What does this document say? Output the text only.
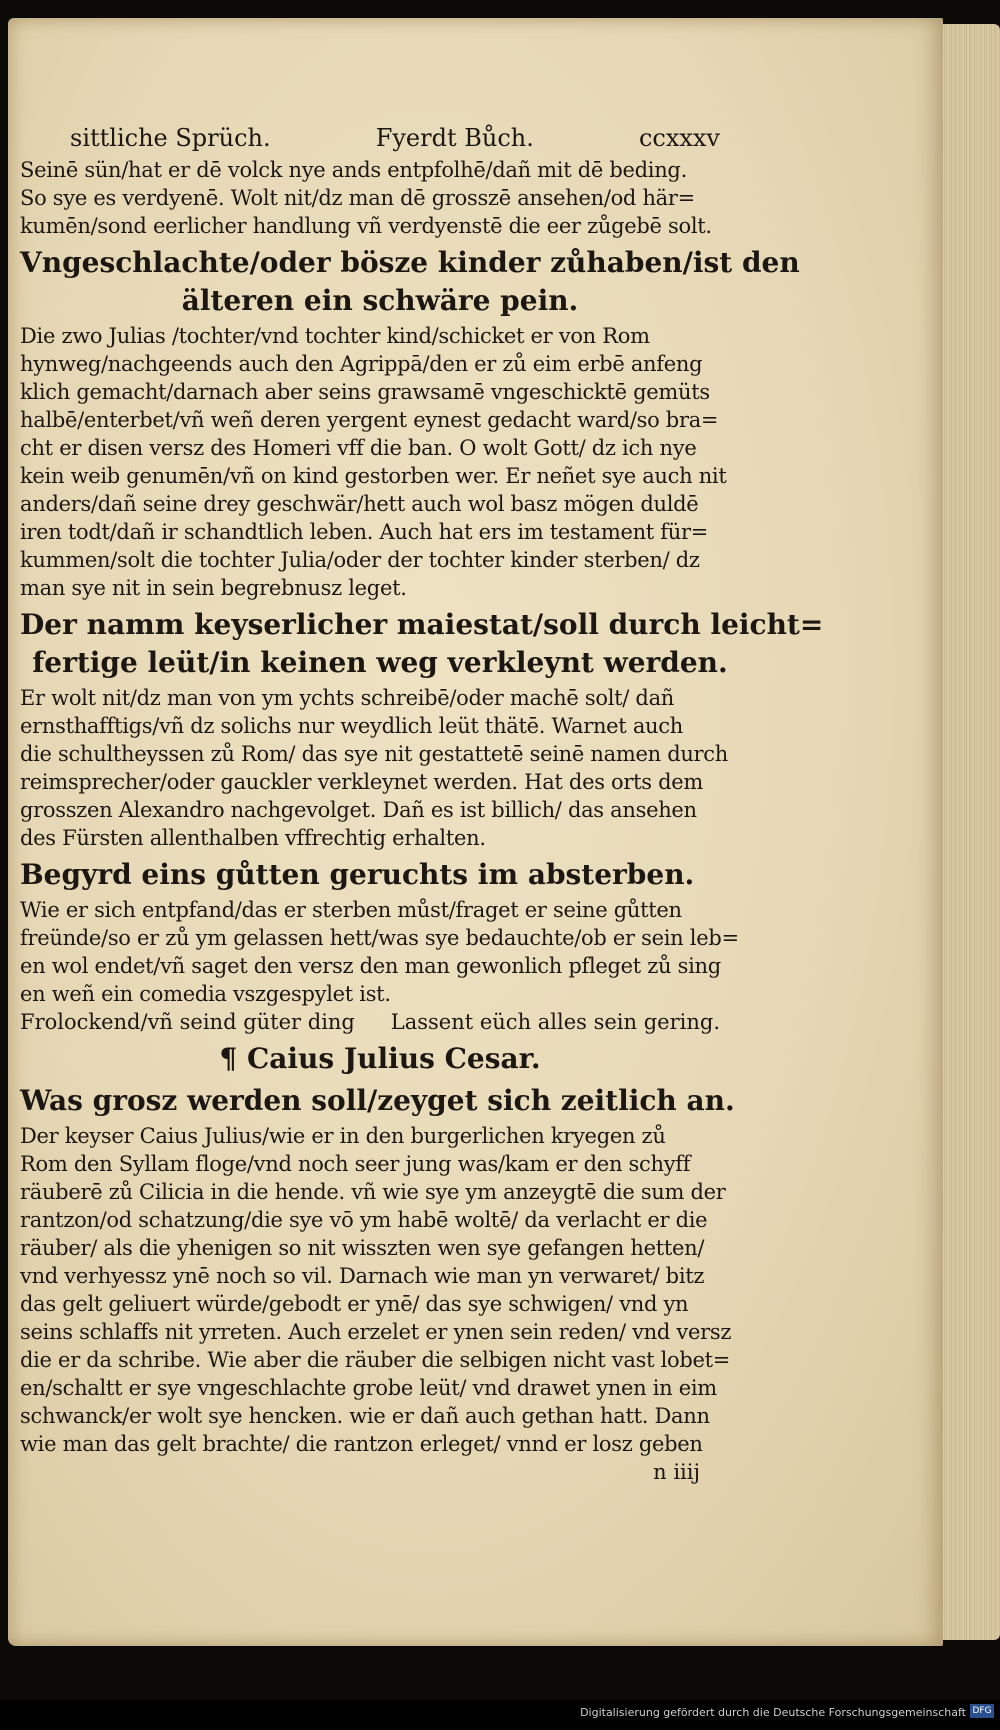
sittliche Sprüch.	Fyerdt Bůch.	ccxxxv
Seinē sün/hat er dē volck nye ands entpfolhē/dañ mit dē beding.
So sye es verdyenē. Wolt nit/dz man dē grosszē ansehen/od här=
kumēn/sond eerlicher handlung vñ verdyenstē die eer zůgebē solt.
Vngeschlachte/oder bösze kinder zůhaben/ist den
älteren ein schwäre pein.
Die zwo Julias /tochter/vnd tochter kind/schicket er von Rom
hynweg/nachgeends auch den Agrippā/den er zů eim erbē anfeng
klich gemacht/darnach aber seins grawsamē vngeschicktē gemüts
halbē/enterbet/vñ weñ deren yergent eynest gedacht ward/so bra=
cht er disen versz des Homeri vff die ban. O wolt Gott/ dz ich nye
kein weib genumēn/vñ on kind gestorben wer. Er neñet sye auch nit
anders/dañ seine drey geschwär/hett auch wol basz mögen duldē
iren todt/dañ ir schandtlich leben. Auch hat ers im testament für=
kummen/solt die tochter Julia/oder der tochter kinder sterben/ dz
man sye nit in sein begrebnusz leget.
Der namm keyserlicher maiestat/soll durch leicht=
fertige leüt/in keinen weg verkleynt werden.
Er wolt nit/dz man von ym ychts schreibē/oder machē solt/ dañ
ernsthafftigs/vñ dz solichs nur weydlich leüt thätē. Warnet auch
die schultheyssen zů Rom/ das sye nit gestattetē seinē namen durch
reimsprecher/oder gauckler verkleynet werden. Hat des orts dem
grosszen Alexandro nachgevolget. Dañ es ist billich/ das ansehen
des Fürsten allenthalben vffrechtig erhalten.
Begyrd eins gůtten geruchts im absterben.
Wie er sich entpfand/das er sterben můst/fraget er seine gůtten
freünde/so er zů ym gelassen hett/was sye bedauchte/ob er sein leb=
en wol endet/vñ saget den versz den man gewonlich pfleget zů sing
en weñ ein comedia vszgespylet ist.
Frolockend/vñ seind güter ding Lassent eüch alles sein gering.
¶ Caius Julius Cesar.
Was grosz werden soll/zeyget sich zeitlich an.
Der keyser Caius Julius/wie er in den burgerlichen kryegen zů
Rom den Syllam floge/vnd noch seer jung was/kam er den schyff
räuberē zů Cilicia in die hende. vñ wie sye ym anzeygtē die sum der
rantzon/od schatzung/die sye vō ym habē woltē/ da verlacht er die
räuber/ als die yhenigen so nit wisszten wen sye gefangen hetten/
vnd verhyessz ynē noch so vil. Darnach wie man yn verwaret/ bitz
das gelt geliuert würde/gebodt er ynē/ das sye schwigen/ vnd yn
seins schlaffs nit yrreten. Auch erzelet er ynen sein reden/ vnd versz
die er da schribe. Wie aber die räuber die selbigen nicht vast lobet=
en/schaltt er sye vngeschlachte grobe leüt/ vnd drawet ynen in eim
schwanck/er wolt sye hencken. wie er dañ auch gethan hatt. Dann
wie man das gelt brachte/ die rantzon erleget/ vnnd er losz geben
n iiij
Digitalisierung gefördert durch die Deutsche Forschungsgemeinschaft DFG
